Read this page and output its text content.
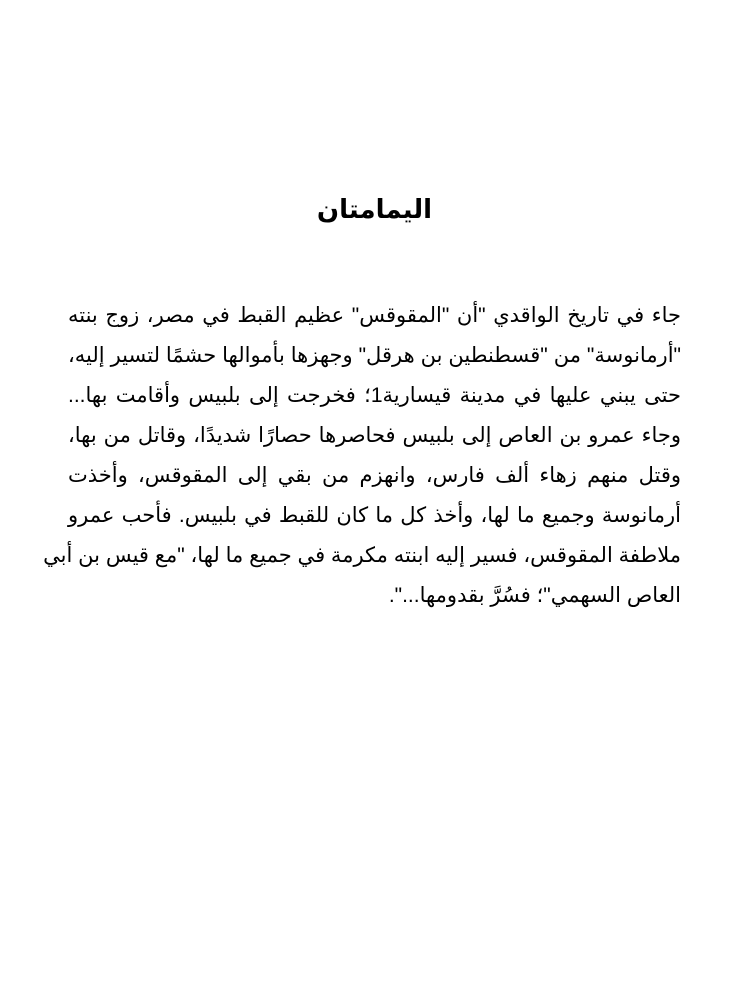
اليمامتان
جاء في تاريخ الواقدي "أن "المقوقس" عظيم القبط في مصر، زوج بنته
"أرمانوسة" من "قسطنطين بن هرقل" وجهزها بأموالها حشمًا لتسير إليه،
حتى يبني عليها في مدينة قيسارية1؛ فخرجت إلى بلبيس وأقامت بها...
وجاء عمرو بن العاص إلى بلبيس فحاصرها حصارًا شديدًا، وقاتل من بها،
وقتل منهم زهاء ألف فارس، وانهزم من بقي إلى المقوقس، وأخذت
أرمانوسة وجميع ما لها، وأخذ كل ما كان للقبط في بلبيس. فأحب عمرو
ملاطفة المقوقس، فسير إليه ابنته مكرمة في جميع ما لها، "مع قيس بن أبي
العاص السهمي"؛ فسُرَّ بقدومها...".
